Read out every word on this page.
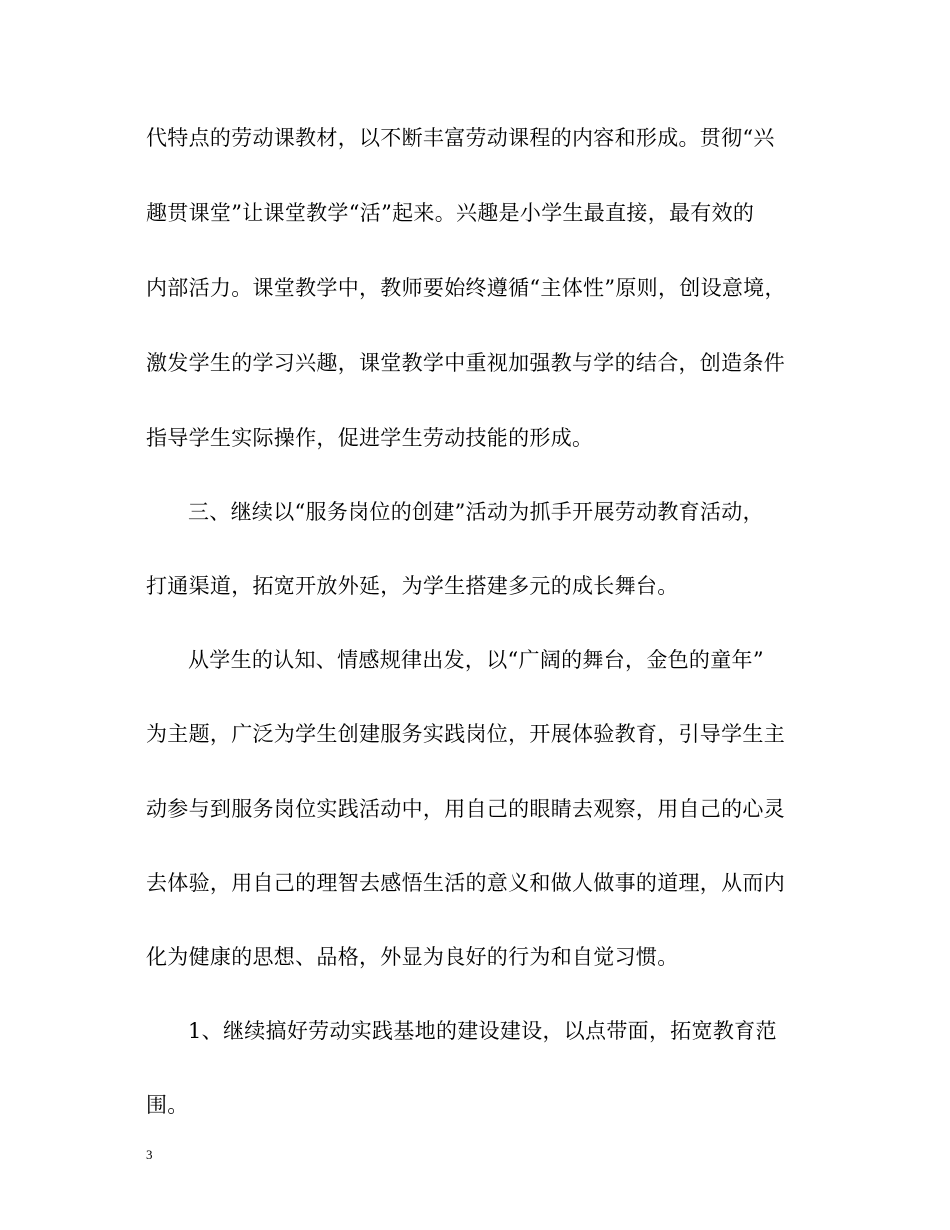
代特点的劳动课教材，以不断丰富劳动课程的内容和形成。贯彻“兴
趣贯课堂”让课堂教学“活”起来。兴趣是小学生最直接，最有效的
内部活力。课堂教学中，教师要始终遵循“主体性”原则，创设意境，
激发学生的学习兴趣，课堂教学中重视加强教与学的结合，创造条件
指导学生实际操作，促进学生劳动技能的形成。
三、继续以“服务岗位的创建”活动为抓手开展劳动教育活动，
打通渠道，拓宽开放外延，为学生搭建多元的成长舞台。
从学生的认知、情感规律出发，以“广阔的舞台，金色的童年”
为主题，广泛为学生创建服务实践岗位，开展体验教育，引导学生主
动参与到服务岗位实践活动中，用自己的眼睛去观察，用自己的心灵
去体验，用自己的理智去感悟生活的意义和做人做事的道理，从而内
化为健康的思想、品格，外显为良好的行为和自觉习惯。
1、继续搞好劳动实践基地的建设建设，以点带面，拓宽教育范
围。
3
